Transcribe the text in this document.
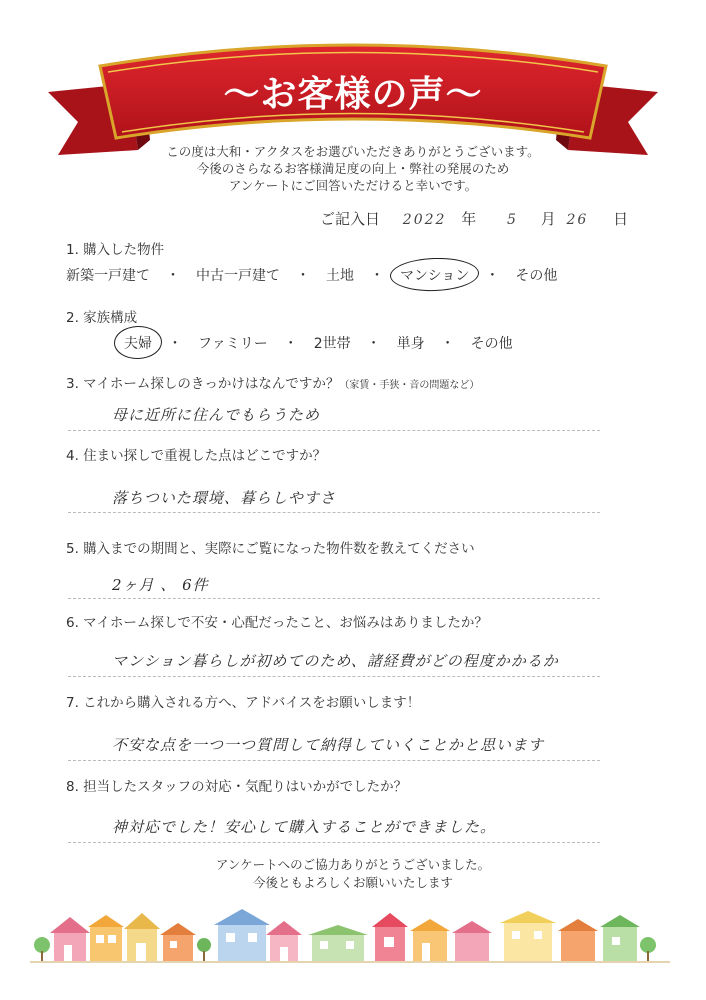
～お客様の声～
この度は大和・アクタスをお選びいただきありがとうございます。
今後のさらなるお客様満足度の向上・弊社の発展のため
アンケートにご回答いただけると幸いです。
ご記入日 2022 年 5 月 26 日
1. 購入した物件
新築一戸建て ・ 中古一戸建て ・ 土地 ・ マンション ・ その他
2. 家族構成
夫婦 ・ ファミリー ・ 2世帯 ・ 単身 ・ その他
3. マイホーム探しのきっかけはなんですか？（家賃・手狭・音の問題など）
母に近所に住んでもらうため
4. 住まい探しで重視した点はどこですか？
落ちついた環境、暮らしやすさ
5. 購入までの期間と、実際にご覧になった物件数を教えてください
2ヶ月 、 6件
6. マイホーム探しで不安・心配だったこと、お悩みはありましたか？
マンション暮らしが初めてのため、諸経費がどの程度かかるか
7. これから購入される方へ、アドバイスをお願いします！
不安な点を一つ一つ質問して納得していくことかと思います
8. 担当したスタッフの対応・気配りはいかがでしたか？
神対応でした！安心して購入することができました。
アンケートへのご協力ありがとうございました。
今後ともよろしくお願いいたします
